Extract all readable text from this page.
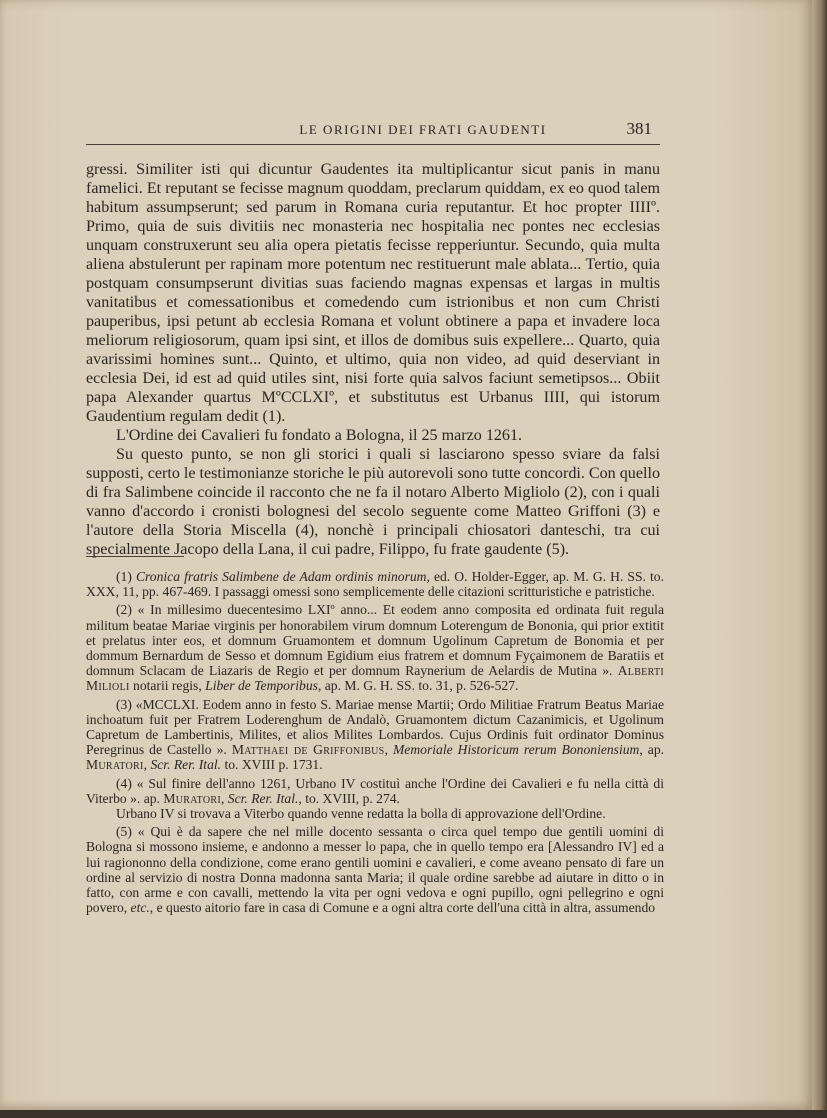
LE ORIGINI DEI FRATI GAUDENTI	381

gressi. Similiter isti qui dicuntur Gaudentes ita multiplicantur sicut panis in manu famelici. Et reputant se fecisse magnum quoddam, preclarum quiddam, ex eo quod talem habitum assumpserunt; sed parum in Romana curia reputantur. Et hoc propter IIIIº. Primo, quia de suis divitiis nec monasteria nec hospitalia nec pontes nec ecclesias unquam construxerunt seu alia opera pietatis fecisse repperiuntur. Secundo, quia multa aliena abstulerunt per rapinam more potentum nec restituerunt male ablata... Tertio, quia postquam consumpserunt divitias suas faciendo magnas expensas et largas in multis vanitatibus et comessationibus et comedendo cum istrionibus et non cum Christi pauperibus, ipsi petunt ab ecclesia Romana et volunt obtinere a papa et invadere loca meliorum religiosorum, quam ipsi sint, et illos de domibus suis expellere... Quarto, quia avarissimi homines sunt... Quinto, et ultimo, quia non video, ad quid deserviant in ecclesia Dei, id est ad quid utiles sint, nisi forte quia salvos faciunt semetipsos... Obiit papa Alexander quartus MºCCLXIº, et substitutus est Urbanus IIII, qui istorum Gaudentium regulam dedit (1).

L'Ordine dei Cavalieri fu fondato a Bologna, il 25 marzo 1261.

Su questo punto, se non gli storici i quali si lasciarono spesso sviare da falsi supposti, certo le testimonianze storiche le più autorevoli sono tutte concordi. Con quello di fra Salimbene coincide il racconto che ne fa il notaro Alberto Migliolo (2), con i quali vanno d'accordo i cronisti bolognesi del secolo seguente come Matteo Griffoni (3) e l'autore della Storia Miscella (4), nonchè i principali chiosatori danteschi, tra cui specialmente Jacopo della Lana, il cui padre, Filippo, fu frate gaudente (5).

(1) Cronica fratris Salimbene de Adam ordinis minorum, ed. O. Holder-Egger, ap. M. G. H. SS. to. XXX, 11, pp. 467-469. I passaggi omessi sono semplicemente delle citazioni scritturistiche e patristiche.

(2) « In millesimo duecentesimo LXIº anno... Et eodem anno composita ed ordinata fuit regula militum beatae Mariae virginis per honorabilem virum domnum Loterengum de Bononia, qui prior extitit et prelatus inter eos, et domnum Gruamontem et domnum Ugolinum Capretum de Bonomia et per dommum Bernardum de Sesso et domnum Egidium eius fratrem et domnum Fyçaimonem de Baratiis et domnum Sclacam de Liazaris de Regio et per domnum Raynerium de Aelardis de Mutina ». Alberti Milioli notarii regis, Liber de Temporibus, ap. M. G. H. SS. to. 31, p. 526-527.

(3) «MCCLXI. Eodem anno in festo S. Mariae mense Martii; Ordo Militiae Fratrum Beatus Mariae inchoatum fuit per Fratrem Loderenghum de Andalò, Gruamontem dictum Cazanimicis, et Ugolinum Capretum de Lambertinis, Milites, et alios Milites Lombardos. Cujus Ordinis fuit ordinator Dominus Peregrinus de Castello ». Matthaei de Griffonibus, Memoriale Historicum rerum Bononiensium, ap. Muratori, Scr. Rer. Ital. to. XVIII p. 1731.

(4) « Sul finire dell'anno 1261, Urbano IV costituì anche l'Ordine dei Cavalieri e fu nella città di Viterbo ». ap. Muratori, Scr. Rer. Ital., to. XVIII, p. 274.

Urbano IV si trovava a Viterbo quando venne redatta la bolla di approvazione dell'Ordine.

(5) « Qui è da sapere che nel mille docento sessanta o circa quel tempo due gentili uomini di Bologna si mossono insieme, e andonno a messer lo papa, che in quello tempo era [Alessandro IV] ed a lui ragiononno della condizione, come erano gentili uomini e cavalieri, e come aveano pensato di fare un ordine al servizio di nostra Donna madonna santa Maria; il quale ordine sarebbe ad aiutare in ditto o in fatto, con arme e con cavalli, mettendo la vita per ogni vedova e ogni pupillo, ogni pellegrino e ogni povero, etc., e questo aitorio fare in casa di Comune e a ogni altra corte dell'una città in altra, assumendo
